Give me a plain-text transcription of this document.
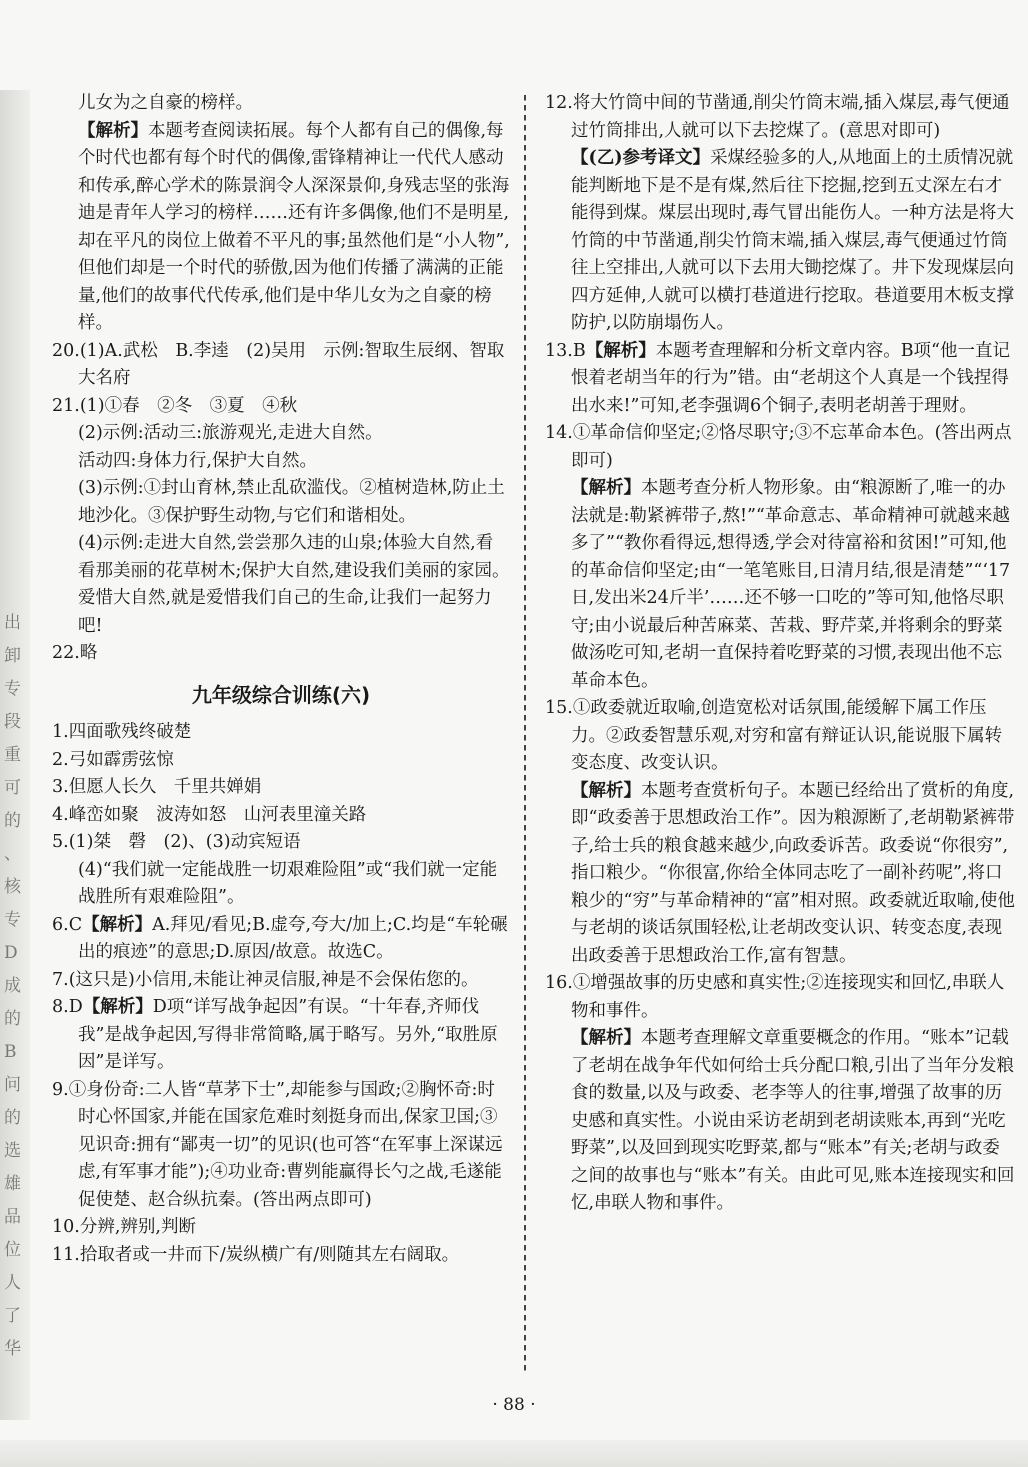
出
卸
专
段
重
可
的
、
核
专
D
成
的
B
问
的
选
雄
品
位
人
了
华

儿女为之自豪的榜样。

【解析】本题考查阅读拓展。每个人都有自己的偶像,每个时代也都有每个时代的偶像,雷锋精神让一代代人感动和传承,醉心学术的陈景润令人深深景仰,身残志坚的张海迪是青年人学习的榜样……还有许多偶像,他们不是明星,却在平凡的岗位上做着不平凡的事;虽然他们是“小人物”,但他们却是一个时代的骄傲,因为他们传播了满满的正能量,他们的故事代代传承,他们是中华儿女为之自豪的榜样。

20.(1)A.武松　B.李逵　(2)吴用　示例:智取生辰纲、智取大名府

21.(1)①春　②冬　③夏　④秋

(2)示例:活动三:旅游观光,走进大自然。

活动四:身体力行,保护大自然。

(3)示例:①封山育林,禁止乱砍滥伐。②植树造林,防止土地沙化。③保护野生动物,与它们和谐相处。

(4)示例:走进大自然,尝尝那久违的山泉;体验大自然,看看那美丽的花草树木;保护大自然,建设我们美丽的家园。爱惜大自然,就是爱惜我们自己的生命,让我们一起努力吧!

22.略

九年级综合训练(六)

1.四面歌残终破楚

2.弓如霹雳弦惊

3.但愿人长久　千里共婵娟

4.峰峦如聚　波涛如怒　山河表里潼关路

5.(1)桀　磬　(2)、(3)动宾短语

(4)“我们就一定能战胜一切艰难险阻”或“我们就一定能战胜所有艰难险阻”。

6.C【解析】A.拜见/看见;B.虚夸,夸大/加上;C.均是“车轮碾出的痕迹”的意思;D.原因/故意。故选C。

7.(这只是)小信用,未能让神灵信服,神是不会保佑您的。

8.D【解析】D项“详写战争起因”有误。“十年春,齐师伐我”是战争起因,写得非常简略,属于略写。另外,“取胜原因”是详写。

9.①身份奇:二人皆“草茅下士”,却能参与国政;②胸怀奇:时时心怀国家,并能在国家危难时刻挺身而出,保家卫国;③见识奇:拥有“鄙夷一切”的见识(也可答“在军事上深谋远虑,有军事才能”);④功业奇:曹刿能赢得长勺之战,毛遂能促使楚、赵合纵抗秦。(答出两点即可)

10.分辨,辨别,判断

11.拾取者或一井而下/炭纵横广有/则随其左右阔取。

12.将大竹筒中间的节凿通,削尖竹筒末端,插入煤层,毒气便通过竹筒排出,人就可以下去挖煤了。(意思对即可)

【(乙)参考译文】采煤经验多的人,从地面上的土质情况就能判断地下是不是有煤,然后往下挖掘,挖到五丈深左右才能得到煤。煤层出现时,毒气冒出能伤人。一种方法是将大竹筒的中节凿通,削尖竹筒末端,插入煤层,毒气便通过竹筒往上空排出,人就可以下去用大锄挖煤了。井下发现煤层向四方延伸,人就可以横打巷道进行挖取。巷道要用木板支撑防护,以防崩塌伤人。

13.B【解析】本题考查理解和分析文章内容。B项“他一直记恨着老胡当年的行为”错。由“老胡这个人真是一个钱捏得出水来!”可知,老李强调6个铜子,表明老胡善于理财。

14.①革命信仰坚定;②恪尽职守;③不忘革命本色。(答出两点即可)

【解析】本题考查分析人物形象。由“粮源断了,唯一的办法就是:勒紧裤带子,熬!”“革命意志、革命精神可就越来越多了”“教你看得远,想得透,学会对待富裕和贫困!”可知,他的革命信仰坚定;由“一笔笔账目,日清月结,很是清楚”“‘17日,发出米24斤半’……还不够一口吃的”等可知,他恪尽职守;由小说最后种苦麻菜、苦栽、野芹菜,并将剩余的野菜做汤吃可知,老胡一直保持着吃野菜的习惯,表现出他不忘革命本色。

15.①政委就近取喻,创造宽松对话氛围,能缓解下属工作压力。②政委智慧乐观,对穷和富有辩证认识,能说服下属转变态度、改变认识。

【解析】本题考查赏析句子。本题已经给出了赏析的角度,即“政委善于思想政治工作”。因为粮源断了,老胡勒紧裤带子,给士兵的粮食越来越少,向政委诉苦。政委说“你很穷”,指口粮少。“你很富,你给全体同志吃了一副补药呢”,将口粮少的“穷”与革命精神的“富”相对照。政委就近取喻,使他与老胡的谈话氛围轻松,让老胡改变认识、转变态度,表现出政委善于思想政治工作,富有智慧。

16.①增强故事的历史感和真实性;②连接现实和回忆,串联人物和事件。

【解析】本题考查理解文章重要概念的作用。“账本”记载了老胡在战争年代如何给士兵分配口粮,引出了当年分发粮食的数量,以及与政委、老李等人的往事,增强了故事的历史感和真实性。小说由采访老胡到老胡读账本,再到“光吃野菜”,以及回到现实吃野菜,都与“账本”有关;老胡与政委之间的故事也与“账本”有关。由此可见,账本连接现实和回忆,串联人物和事件。

· 88 ·
